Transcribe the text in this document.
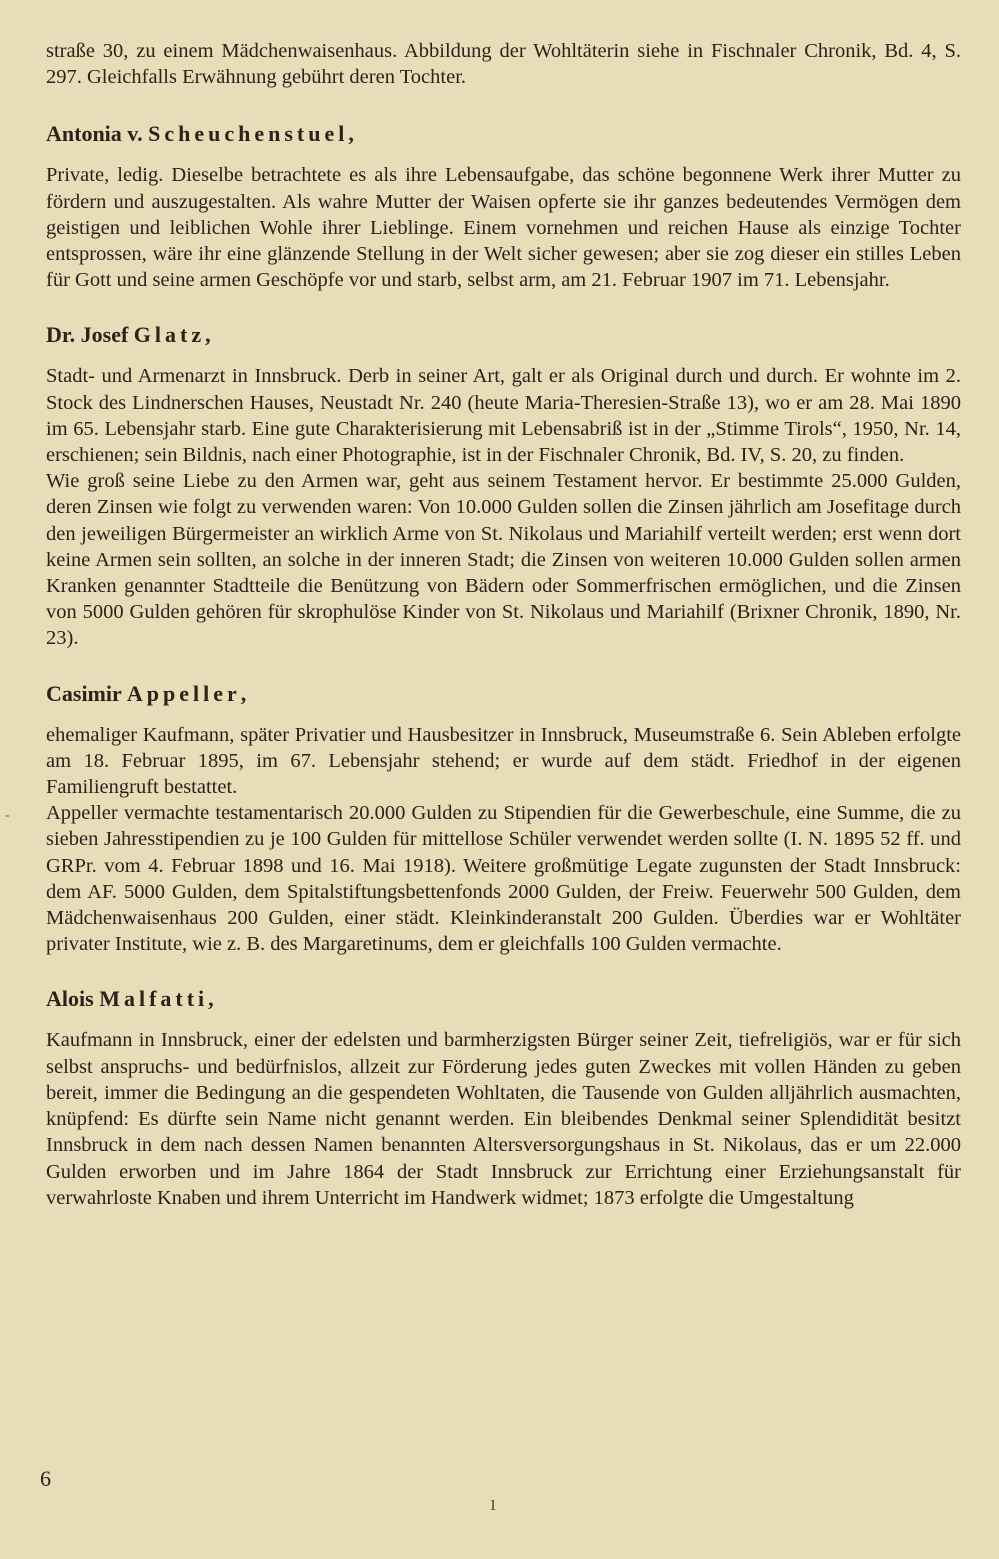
straße 30, zu einem Mädchenwaisenhaus. Abbildung der Wohltäterin siehe in Fischnaler Chronik, Bd. 4, S. 297. Gleichfalls Erwähnung gebührt deren Tochter.

Antonia v. Scheuchenstuel,

Private, ledig. Dieselbe betrachtete es als ihre Lebensaufgabe, das schöne begonnene Werk ihrer Mutter zu fördern und auszugestalten. Als wahre Mutter der Waisen opferte sie ihr ganzes bedeutendes Vermögen dem geistigen und leiblichen Wohle ihrer Lieblinge. Einem vornehmen und reichen Hause als einzige Tochter entsprossen, wäre ihr eine glänzende Stellung in der Welt sicher gewesen; aber sie zog dieser ein stilles Leben für Gott und seine armen Geschöpfe vor und starb, selbst arm, am 21. Februar 1907 im 71. Lebensjahr.

Dr. Josef Glatz,

Stadt- und Armenarzt in Innsbruck. Derb in seiner Art, galt er als Original durch und durch. Er wohnte im 2. Stock des Lindnerschen Hauses, Neustadt Nr. 240 (heute Maria-Theresien-Straße 13), wo er am 28. Mai 1890 im 65. Lebensjahr starb. Eine gute Charakterisierung mit Lebensabriß ist in der „Stimme Tirols“, 1950, Nr. 14, erschienen; sein Bildnis, nach einer Photographie, ist in der Fischnaler Chronik, Bd. IV, S. 20, zu finden.

Wie groß seine Liebe zu den Armen war, geht aus seinem Testament hervor. Er bestimmte 25.000 Gulden, deren Zinsen wie folgt zu verwenden waren: Von 10.000 Gulden sollen die Zinsen jährlich am Josefitage durch den jeweiligen Bürgermeister an wirklich Arme von St. Nikolaus und Mariahilf verteilt werden; erst wenn dort keine Armen sein sollten, an solche in der inneren Stadt; die Zinsen von weiteren 10.000 Gulden sollen armen Kranken genannter Stadtteile die Benützung von Bädern oder Sommerfrischen ermöglichen, und die Zinsen von 5000 Gulden gehören für skrophulöse Kinder von St. Nikolaus und Mariahilf (Brixner Chronik, 1890, Nr. 23).

Casimir Appeller,

ehemaliger Kaufmann, später Privatier und Hausbesitzer in Innsbruck, Museumstraße 6. Sein Ableben erfolgte am 18. Februar 1895, im 67. Lebensjahr stehend; er wurde auf dem städt. Friedhof in der eigenen Familiengruft bestattet.

Appeller vermachte testamentarisch 20.000 Gulden zu Stipendien für die Gewerbeschule, eine Summe, die zu sieben Jahresstipendien zu je 100 Gulden für mittellose Schüler verwendet werden sollte (I. N. 1895 52 ff. und GRPr. vom 4. Februar 1898 und 16. Mai 1918). Weitere großmütige Legate zugunsten der Stadt Innsbruck: dem AF. 5000 Gulden, dem Spitalstiftungsbettenfonds 2000 Gulden, der Freiw. Feuerwehr 500 Gulden, dem Mädchenwaisenhaus 200 Gulden, einer städt. Kleinkinderanstalt 200 Gulden. Überdies war er Wohltäter privater Institute, wie z. B. des Margaretinums, dem er gleichfalls 100 Gulden vermachte.

Alois Malfatti,

Kaufmann in Innsbruck, einer der edelsten und barmherzigsten Bürger seiner Zeit, tiefreligiös, war er für sich selbst anspruchs- und bedürfnislos, allzeit zur Förderung jedes guten Zweckes mit vollen Händen zu geben bereit, immer die Bedingung an die gespendeten Wohltaten, die Tausende von Gulden alljährlich ausmachten, knüpfend: Es dürfte sein Name nicht genannt werden. Ein bleibendes Denkmal seiner Splendidität besitzt Innsbruck in dem nach dessen Namen benannten Altersversorgungshaus in St. Nikolaus, das er um 22.000 Gulden erworben und im Jahre 1864 der Stadt Innsbruck zur Errichtung einer Erziehungsanstalt für verwahrloste Knaben und ihrem Unterricht im Handwerk widmet; 1873 erfolgte die Umgestaltung

6
-
ı
